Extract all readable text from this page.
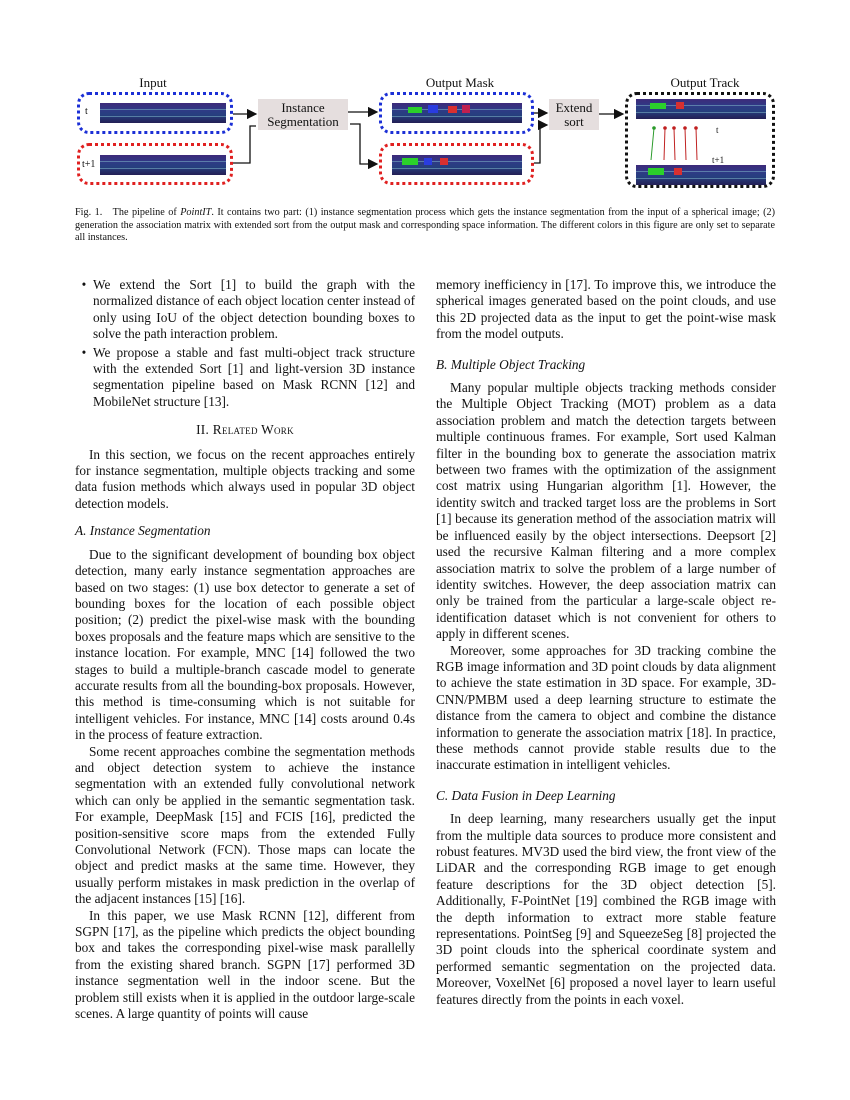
Input	Output Mask	Output Track
t
t+1
Instance Segmentation
Extend sort
t
t+1
Fig. 1. The pipeline of PointIT. It contains two part: (1) instance segmentation process which gets the instance segmentation from the input of a spherical image; (2) generation the association matrix with extended sort from the output mask and corresponding space information. The different colors in this figure are only set to separate all instances.
• We extend the Sort [1] to build the graph with the normalized distance of each object location center instead of only using IoU of the object detection bounding boxes to solve the path interaction problem.
• We propose a stable and fast multi-object track structure with the extended Sort [1] and light-version 3D instance segmentation pipeline based on Mask RCNN [12] and MobileNet structure [13].
II. Related Work

In this section, we focus on the recent approaches entirely for instance segmentation, multiple objects tracking and some data fusion methods which always used in popular 3D object detection models.

A. Instance Segmentation

Due to the significant development of bounding box object detection, many early instance segmentation approaches are based on two stages: (1) use box detector to generate a set of bounding boxes for the location of each possible object position; (2) predict the pixel-wise mask with the bounding boxes proposals and the feature maps which are sensitive to the instance location. For example, MNC [14] followed the two stages to build a multiple-branch cascade model to generate accurate results from all the bounding-box proposals. However, this method is time-consuming which is not suitable for intelligent vehicles. For instance, MNC [14] costs around 0.4s in the process of feature extraction.

Some recent approaches combine the segmentation methods and object detection system to achieve the instance segmentation with an extended fully convolutional network which can only be applied in the semantic segmentation task. For example, DeepMask [15] and FCIS [16], predicted the position-sensitive score maps from the extended Fully Convolutional Network (FCN). Those maps can locate the object and predict masks at the same time. However, they usually perform mistakes in mask prediction in the overlap of the adjacent instances [15] [16].

In this paper, we use Mask RCNN [12], different from SGPN [17], as the pipeline which predicts the object bounding box and takes the corresponding pixel-wise mask parallelly from the existing shared branch. SGPN [17] performed 3D instance segmentation well in the indoor scene. But the problem still exists when it is applied in the outdoor large-scale scenes. A large quantity of points will cause

memory inefficiency in [17]. To improve this, we introduce the spherical images generated based on the point clouds, and use this 2D projected data as the input to get the point-wise mask from the model outputs.

B. Multiple Object Tracking

Many popular multiple objects tracking methods consider the Multiple Object Tracking (MOT) problem as a data association problem and match the detection targets between multiple continuous frames. For example, Sort used Kalman filter in the bounding box to generate the association matrix between two frames with the optimization of the assignment cost matrix using Hungarian algorithm [1]. However, the identity switch and tracked target loss are the problems in Sort [1] because its generation method of the association matrix will be influenced easily by the object intersections. Deepsort [2] used the recursive Kalman filtering and a more complex association matrix to solve the problem of a large number of identity switches. However, the deep association matrix can only be trained from the particular a large-scale object re-identification dataset which is not convenient for others to apply in different scenes.

Moreover, some approaches for 3D tracking combine the RGB image information and 3D point clouds by data alignment to achieve the state estimation in 3D space. For example, 3D-CNN/PMBM used a deep learning structure to estimate the distance from the camera to object and combine the distance information to generate the association matrix [18]. In practice, these methods cannot provide stable results due to the inaccurate estimation in intelligent vehicles.

C. Data Fusion in Deep Learning

In deep learning, many researchers usually get the input from the multiple data sources to produce more consistent and robust features. MV3D used the bird view, the front view of the LiDAR and the corresponding RGB image to get enough feature descriptions for the 3D object detection [5]. Additionally, F-PointNet [19] combined the RGB image with the depth information to extract more stable feature representations. PointSeg [9] and SqueezeSeg [8] projected the 3D point clouds into the spherical coordinate system and performed semantic segmentation on the projected data. Moreover, VoxelNet [6] proposed a novel layer to learn useful features directly from the points in each voxel.
